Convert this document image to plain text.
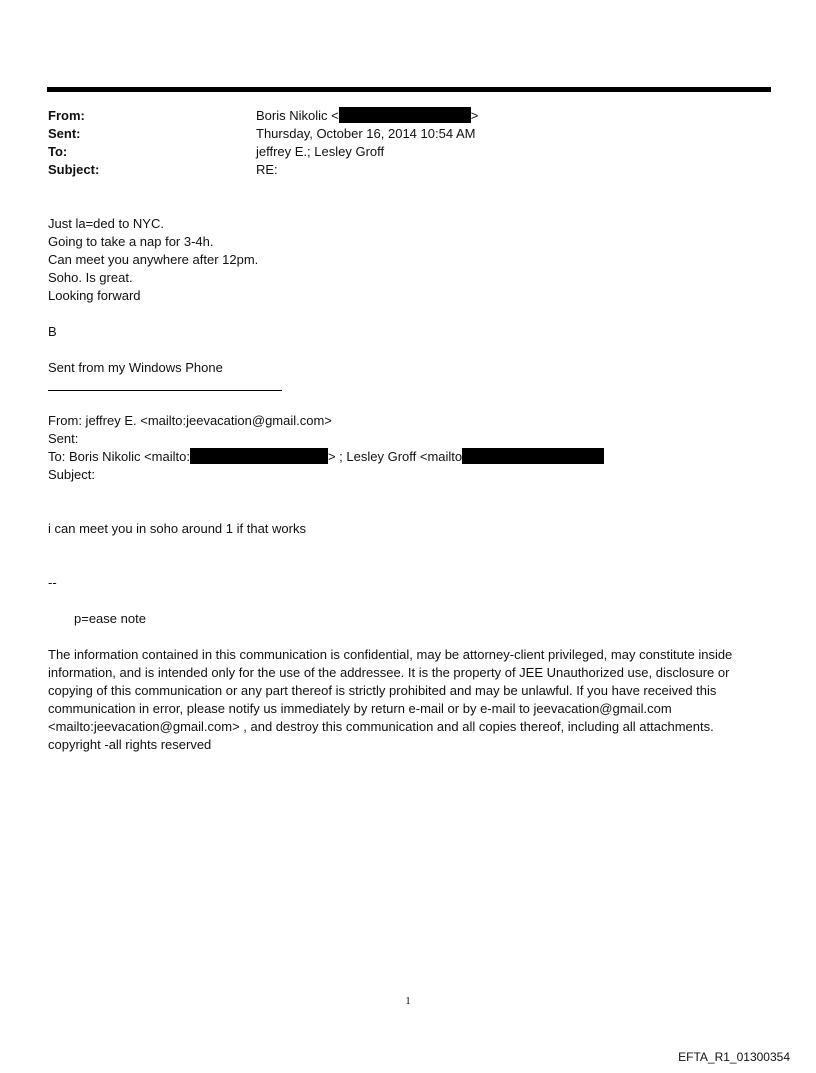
From:	Boris Nikolic <	>
Sent:	Thursday, October 16, 2014 10:54 AM
To:	jeffrey E.; Lesley Groff
Subject:	RE:
Just la=ded to NYC.
Going to take a nap for 3-4h.
Can meet you anywhere after 12pm.
Soho. Is great.
Looking forward
B
Sent from my Windows Phone
From: jeffrey E. <mailto:jeevacation@gmail.com>
Sent:
To: Boris Nikolic <mailto:	> ; Lesley Groff <mailto
Subject:
i can meet you in soho around 1 if that works
--
p=ease note
The information contained in this communication is confidential, may be attorney-client privileged, may constitute inside information, and is intended only for the use of the addressee. It is the property of JEE Unauthorized use, disclosure or copying of this communication or any part thereof is strictly prohibited and may be unlawful. If you have received this communication in error, please notify us immediately by return e-mail or by e-mail to jeevacation@gmail.com <mailto:jeevacation@gmail.com> , and destroy this communication and all copies thereof, including all attachments. copyright -all rights reserved
1
EFTA_R1_01300354
